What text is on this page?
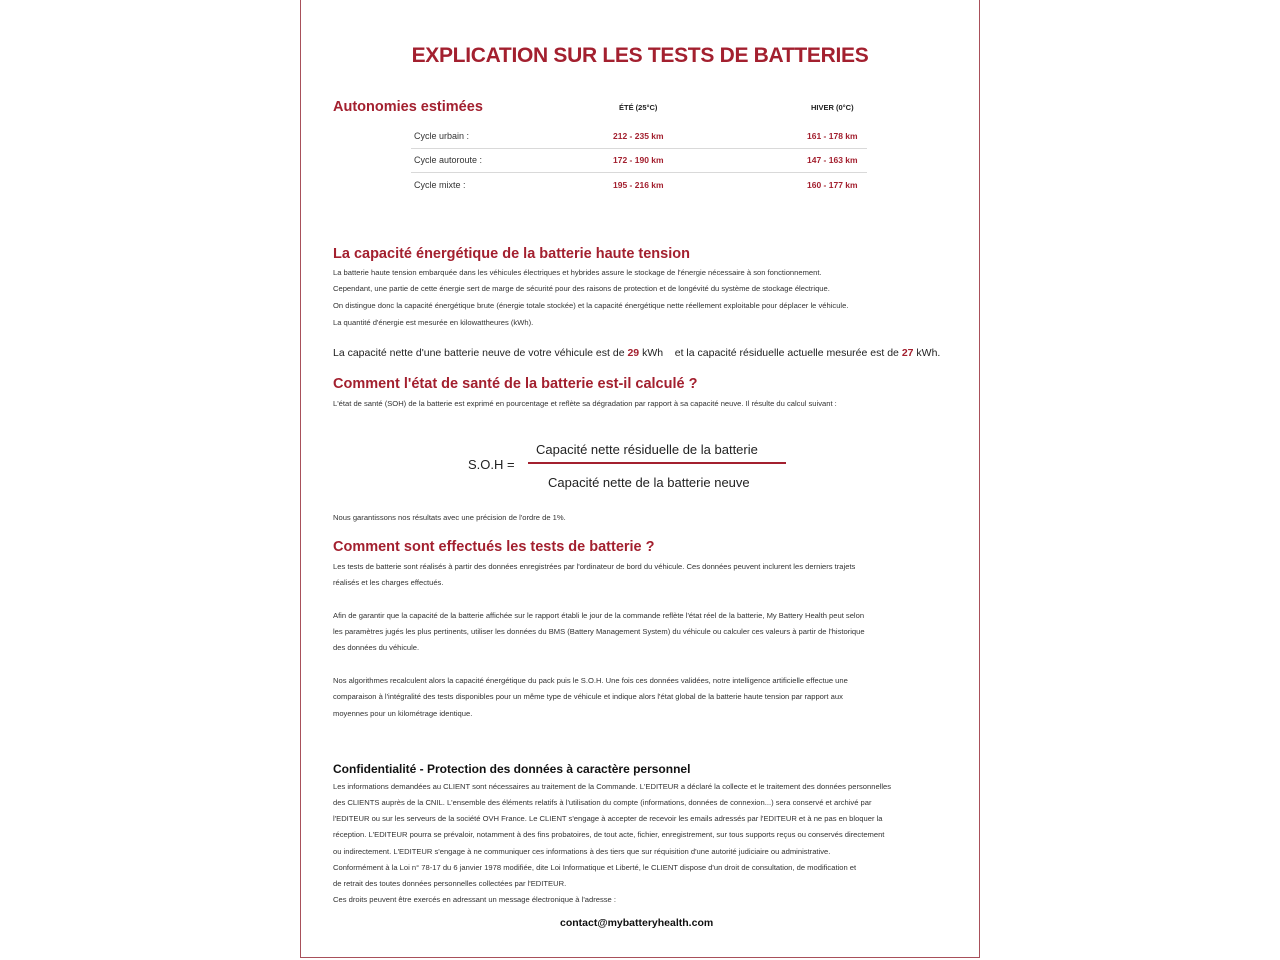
EXPLICATION SUR LES TESTS DE BATTERIES
Autonomies estimées	ÉTÉ (25°C)	HIVER (0°C)
Cycle urbain :	212 - 235 km	161 - 178 km
Cycle autoroute :	172 - 190 km	147 - 163 km
Cycle mixte :	195 - 216 km	160 - 177 km
La capacité énergétique de la batterie haute tension
La batterie haute tension embarquée dans les véhicules électriques et hybrides assure le stockage de l'énergie nécessaire à son fonctionnement.
Cependant, une partie de cette énergie sert de marge de sécurité pour des raisons de protection et de longévité du système de stockage électrique.
On distingue donc la capacité énergétique brute (énergie totale stockée) et la capacité énergétique nette réellement exploitable pour déplacer le véhicule.
La quantité d'énergie est mesurée en kilowattheures (kWh).
La capacité nette d'une batterie neuve de votre véhicule est de 29 kWh et la capacité résiduelle actuelle mesurée est de 27 kWh.
Comment l'état de santé de la batterie est-il calculé ?
L'état de santé (SOH) de la batterie est exprimé en pourcentage et reflète sa dégradation par rapport à sa capacité neuve. Il résulte du calcul suivant :
S.O.H =
Capacité nette résiduelle de la batterie
Capacité nette de la batterie neuve
Nous garantissons nos résultats avec une précision de l'ordre de 1%.
Comment sont effectués les tests de batterie ?
Les tests de batterie sont réalisés à partir des données enregistrées par l'ordinateur de bord du véhicule. Ces données peuvent inclurent les derniers trajets
réalisés et les charges effectués.
Afin de garantir que la capacité de la batterie affichée sur le rapport établi le jour de la commande reflète l'état réel de la batterie, My Battery Health peut selon
les paramètres jugés les plus pertinents, utiliser les données du BMS (Battery Management System) du véhicule ou calculer ces valeurs à partir de l'historique
des données du véhicule.
Nos algorithmes recalculent alors la capacité énergétique du pack puis le S.O.H. Une fois ces données validées, notre intelligence artificielle effectue une
comparaison à l'intégralité des tests disponibles pour un même type de véhicule et indique alors l'état global de la batterie haute tension par rapport aux
moyennes pour un kilométrage identique.
Confidentialité - Protection des données à caractère personnel
Les informations demandées au CLIENT sont nécessaires au traitement de la Commande. L'EDITEUR a déclaré la collecte et le traitement des données personnelles
des CLIENTS auprès de la CNIL. L'ensemble des éléments relatifs à l'utilisation du compte (informations, données de connexion...) sera conservé et archivé par
l'EDITEUR ou sur les serveurs de la société OVH France. Le CLIENT s'engage à accepter de recevoir les emails adressés par l'EDITEUR et à ne pas en bloquer la
réception. L'EDITEUR pourra se prévaloir, notamment à des fins probatoires, de tout acte, fichier, enregistrement, sur tous supports reçus ou conservés directement
ou indirectement. L'EDITEUR s'engage à ne communiquer ces informations à des tiers que sur réquisition d'une autorité judiciaire ou administrative.
Conformément à la Loi n° 78-17 du 6 janvier 1978 modifiée, dite Loi Informatique et Liberté, le CLIENT dispose d'un droit de consultation, de modification et
de retrait des toutes données personnelles collectées par l'EDITEUR.
Ces droits peuvent être exercés en adressant un message électronique à l'adresse :
contact@mybatteryhealth.com
